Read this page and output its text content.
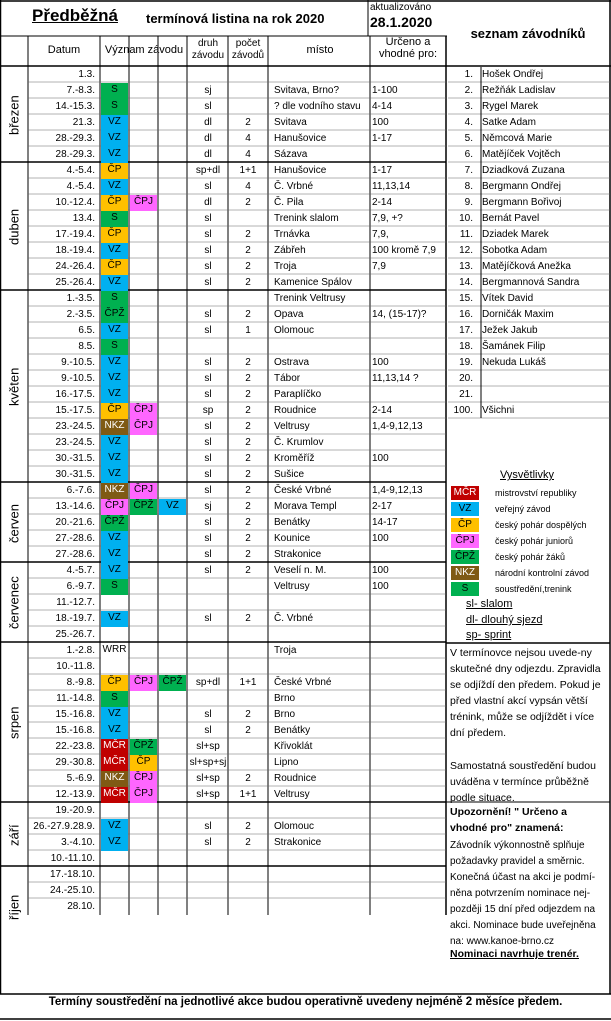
Předběžná termínová listina na rok 2020
aktualizováno
28.1.2020
seznam závodníků
Datum	Význam závodu
druh závodu
počet závodů	místo
Určeno a vhodné pro:
březen
duben
květen
červen
červenec
srpen
září
říjen
1.3.
7.-8.3.	S	sj	Svitava, Brno?	1-100
14.-15.3.	S	sl	? dle vodního stavu	4-14
21.3.	VZ	dl	2	Svitava	100
28.-29.3.	VZ	dl	4	Hanušovice	1-17
28.-29.3.	VZ	dl	4	Sázava
4.-5.4.	ČP	sp+dl	1+1	Hanušovice	1-17
4.-5.4.	VZ	sl	4	Č. Vrbné	11,13,14
10.-12.4.	ČP	ČPJ	dl	2	Č. Pila	2-14
13.4.	S	sl	Trenink slalom	7,9, +?
17.-19.4.	ČP	sl	2	Trnávka	7,9,
18.-19.4.	VZ	sl	2	Zábřeh	100 kromě 7,9
24.-26.4.	ČP	sl	2	Troja	7,9
25.-26.4.	VZ	sl	2	Kamenice Spálov
1.-3.5.	S	Trenink Veltrusy
2.-3.5. ČPŽ	sl	2	Opava	14, (15-17)?
6.5.	VZ	sl	1	Olomouc
8.5.	S
9.-10.5.	VZ	sl	2	Ostrava	100
9.-10.5.	VZ	sl	2	Tábor	11,13,14 ?
16.-17.5.	VZ	sl	2	Paraplíčko
15.-17.5.	ČP	ČPJ	sp	2	Roudnice	2-14
23.-24.5. NKZ ČPJ	sl	2	Veltrusy	1,4-9,12,13
23.-24.5.	VZ	sl	2	Č. Krumlov
30.-31.5.	VZ	sl	2	Kroměříž	100
30.-31.5.	VZ	sl	2	Sušice
6.-7.6. NKZ ČPJ	sl	2	České Vrbné	1,4-9,12,13
13.-14.6.	ČPJ ČPŽ	VZ	sj	2	Morava Templ	2-17
20.-21.6. ČPŽ	sl	2	Benátky	14-17
27.-28.6.	VZ	sl	2	Kounice	100
27.-28.6.	VZ	sl	2	Strakonice
4.-5.7.	VZ	sl	2	Veselí n. M.	100
6.-9.7.	S	Veltrusy	100
11.-12.7.
18.-19.7.	VZ	sl	2	Č. Vrbné
25.-26.7.
1.-2.8. WRR	Troja
10.-11.8.
8.-9.8.	ČP	ČPJ ČPŽ	sp+dl	1+1	České Vrbné
11.-14.8.	S	Brno
15.-16.8.	VZ	sl	2	Brno
15.-16.8.	VZ	sl	2	Benátky
22.-23.8. MČR ČPŽ	sl+sp	Křivoklát
29.-30.8. MČR	ČP	sl+sp+sj	Lipno
5.-6.9. NKZ ČPJ	sl+sp	2	Roudnice
12.-13.9. MČR ČPJ	sl+sp	1+1	Veltrusy
19.-20.9.
26.-27.9.28.9.	VZ	sl	2	Olomouc
3.-4.10.	VZ	sl	2	Strakonice
10.-11.10.
17.-18.10.
24.-25.10.
28.10.
1. Hošek Ondřej
2. Režňák Ladislav
3. Rygel Marek
4. Satke Adam
5. Němcová Marie
6. Matějíček Vojtěch
7. Dziadková Zuzana
8. Bergmann Ondřej
9. Bergmann Bořivoj
10. Bernát Pavel
11. Dziadek Marek
12. Sobotka Adam
13. Matějíčková Anežka
14. Bergmannová Sandra
15. Vítek David
16. Dorničák Maxim
17. Ježek Jakub
18. Šamánek Filip
19. Nekuda Lukáš
20.
21.
100. Všichni
Vysvětlivky
MČR mistrovství republiky
VZ	veřejný závod
ČP	český pohár dospělých
ČPJ	český pohár juniorů
ČPŽ	český pohár žáků
NKZ	národní kontrolní závod
S	soustředění,trenink
sl- slalom
dl- dlouhý sjezd
sp- sprint
V termínovce nejsou uvede-ny skutečné dny odjezdu. Zpravidla se odjíždí den předem. Pokud je před vlastní akcí vypsán větší trénink, může se odjíždět i více dní předem.
Samostatná soustředění budou uváděna v termínce průběžně podle situace.
Upozornění! " Určeno a vhodné pro" znamená:
Závodník výkonnostně splňuje požadavky pravidel a směrnic. Konečná účast na akci je podmí-něna potvrzením nominace nej-později 15 dní před odjezdem na akci. Nominace bude uveřejněna na: www.kanoe-brno.cz
Nominaci navrhuje trenér.
Termíny soustředění na jednotlivé akce budou operativně uvedeny nejméně 2 měsíce předem.
